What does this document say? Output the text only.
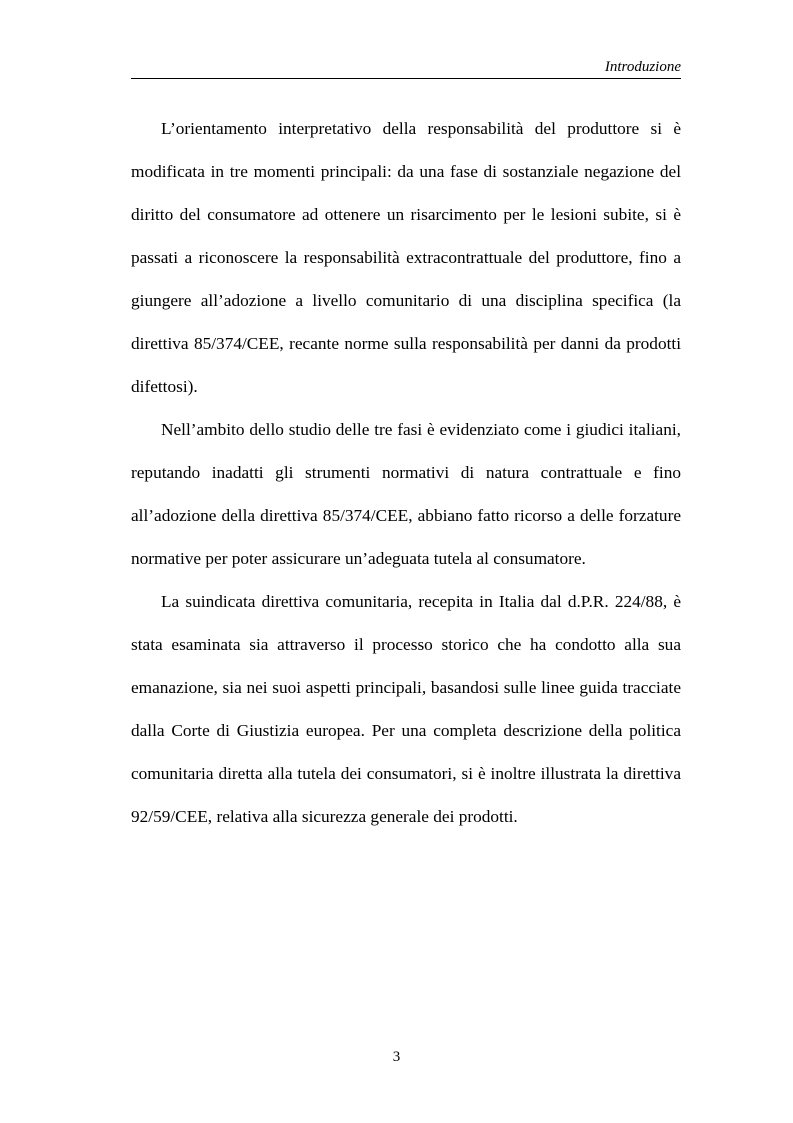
Introduzione

L’orientamento interpretativo della responsabilità del produttore si è modificata in tre momenti principali: da una fase di sostanziale negazione del diritto del consumatore ad ottenere un risarcimento per le lesioni subite, si è passati a riconoscere la responsabilità extracontrattuale del produttore, fino a giungere all’adozione a livello comunitario di una disciplina specifica (la direttiva 85/374/CEE, recante norme sulla responsabilità per danni da prodotti difettosi).

Nell’ambito dello studio delle tre fasi è evidenziato come i giudici italiani, reputando inadatti gli strumenti normativi di natura contrattuale e fino all’adozione della direttiva 85/374/CEE, abbiano fatto ricorso a delle forzature normative per poter assicurare un’adeguata tutela al consumatore.

La suindicata direttiva comunitaria, recepita in Italia dal d.P.R. 224/88, è stata esaminata sia attraverso il processo storico che ha condotto alla sua emanazione, sia nei suoi aspetti principali, basandosi sulle linee guida tracciate dalla Corte di Giustizia europea. Per una completa descrizione della politica comunitaria diretta alla tutela dei consumatori, si è inoltre illustrata la direttiva 92/59/CEE, relativa alla sicurezza generale dei prodotti.

3
